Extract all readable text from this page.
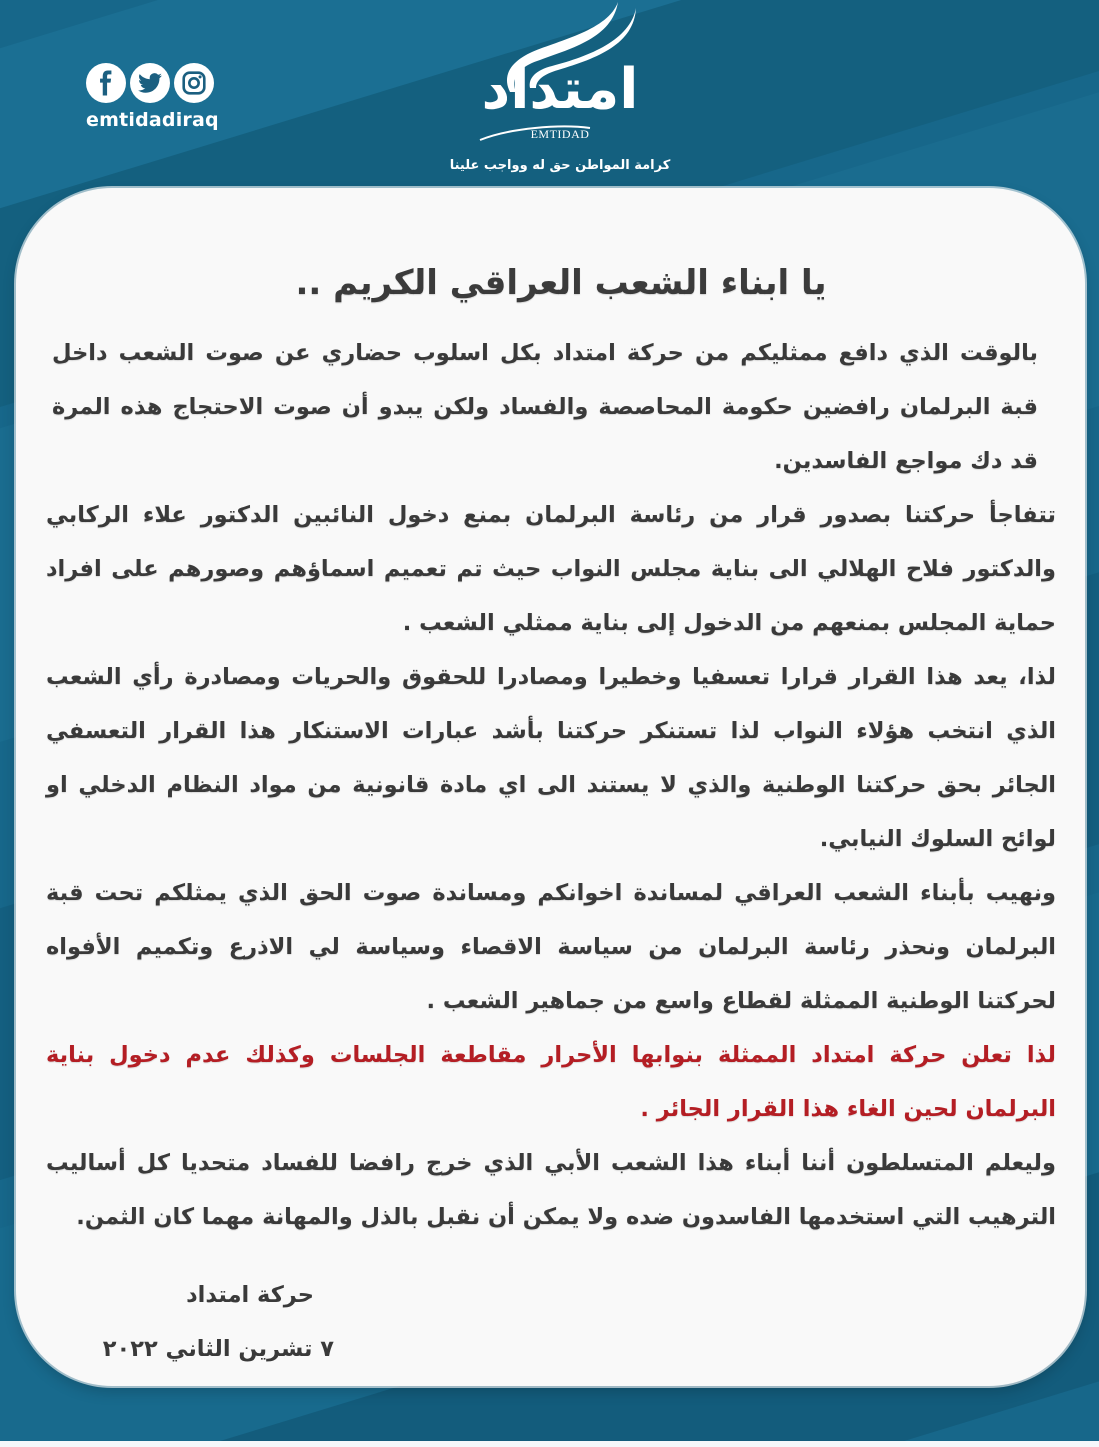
emtidadiraq	امتداد
EMTIDAD
كرامة المواطن حق له وواجب علينا
يا ابناء الشعب العراقي الكريم ..
بالوقت الذي دافع ممثليكم من حركة امتداد بكل اسلوب حضاري عن صوت الشعب داخل قبة البرلمان رافضين حكومة المحاصصة والفساد ولكن يبدو أن صوت الاحتجاج هذه المرة قد دك مواجع الفاسدين.
تتفاجأ حركتنا بصدور قرار من رئاسة البرلمان بمنع دخول النائبين الدكتور علاء الركابي والدكتور فلاح الهلالي الى بناية مجلس النواب حيث تم تعميم اسماؤهم وصورهم على افراد حماية المجلس بمنعهم من الدخول إلى بناية ممثلي الشعب .
لذا، يعد هذا القرار قرارا تعسفيا وخطيرا ومصادرا للحقوق والحريات ومصادرة رأي الشعب الذي انتخب هؤلاء النواب لذا تستنكر حركتنا بأشد عبارات الاستنكار هذا القرار التعسفي الجائر بحق حركتنا الوطنية والذي لا يستند الى اي مادة قانونية من مواد النظام الدخلي او لوائح السلوك النيابي.
ونهيب بأبناء الشعب العراقي لمساندة اخوانكم ومساندة صوت الحق الذي يمثلكم تحت قبة البرلمان ونحذر رئاسة البرلمان من سياسة الاقصاء وسياسة لي الاذرع وتكميم الأفواه لحركتنا الوطنية الممثلة لقطاع واسع من جماهير الشعب .
لذا تعلن حركة امتداد الممثلة بنوابها الأحرار مقاطعة الجلسات وكذلك عدم دخول بناية البرلمان لحين الغاء هذا القرار الجائر .
وليعلم المتسلطون أننا أبناء هذا الشعب الأبي الذي خرج رافضا للفساد متحديا كل أساليب الترهيب التي استخدمها الفاسدون ضده ولا يمكن أن نقبل بالذل والمهانة مهما كان الثمن.
حركة امتداد
٧ تشرين الثاني ٢٠٢٢
